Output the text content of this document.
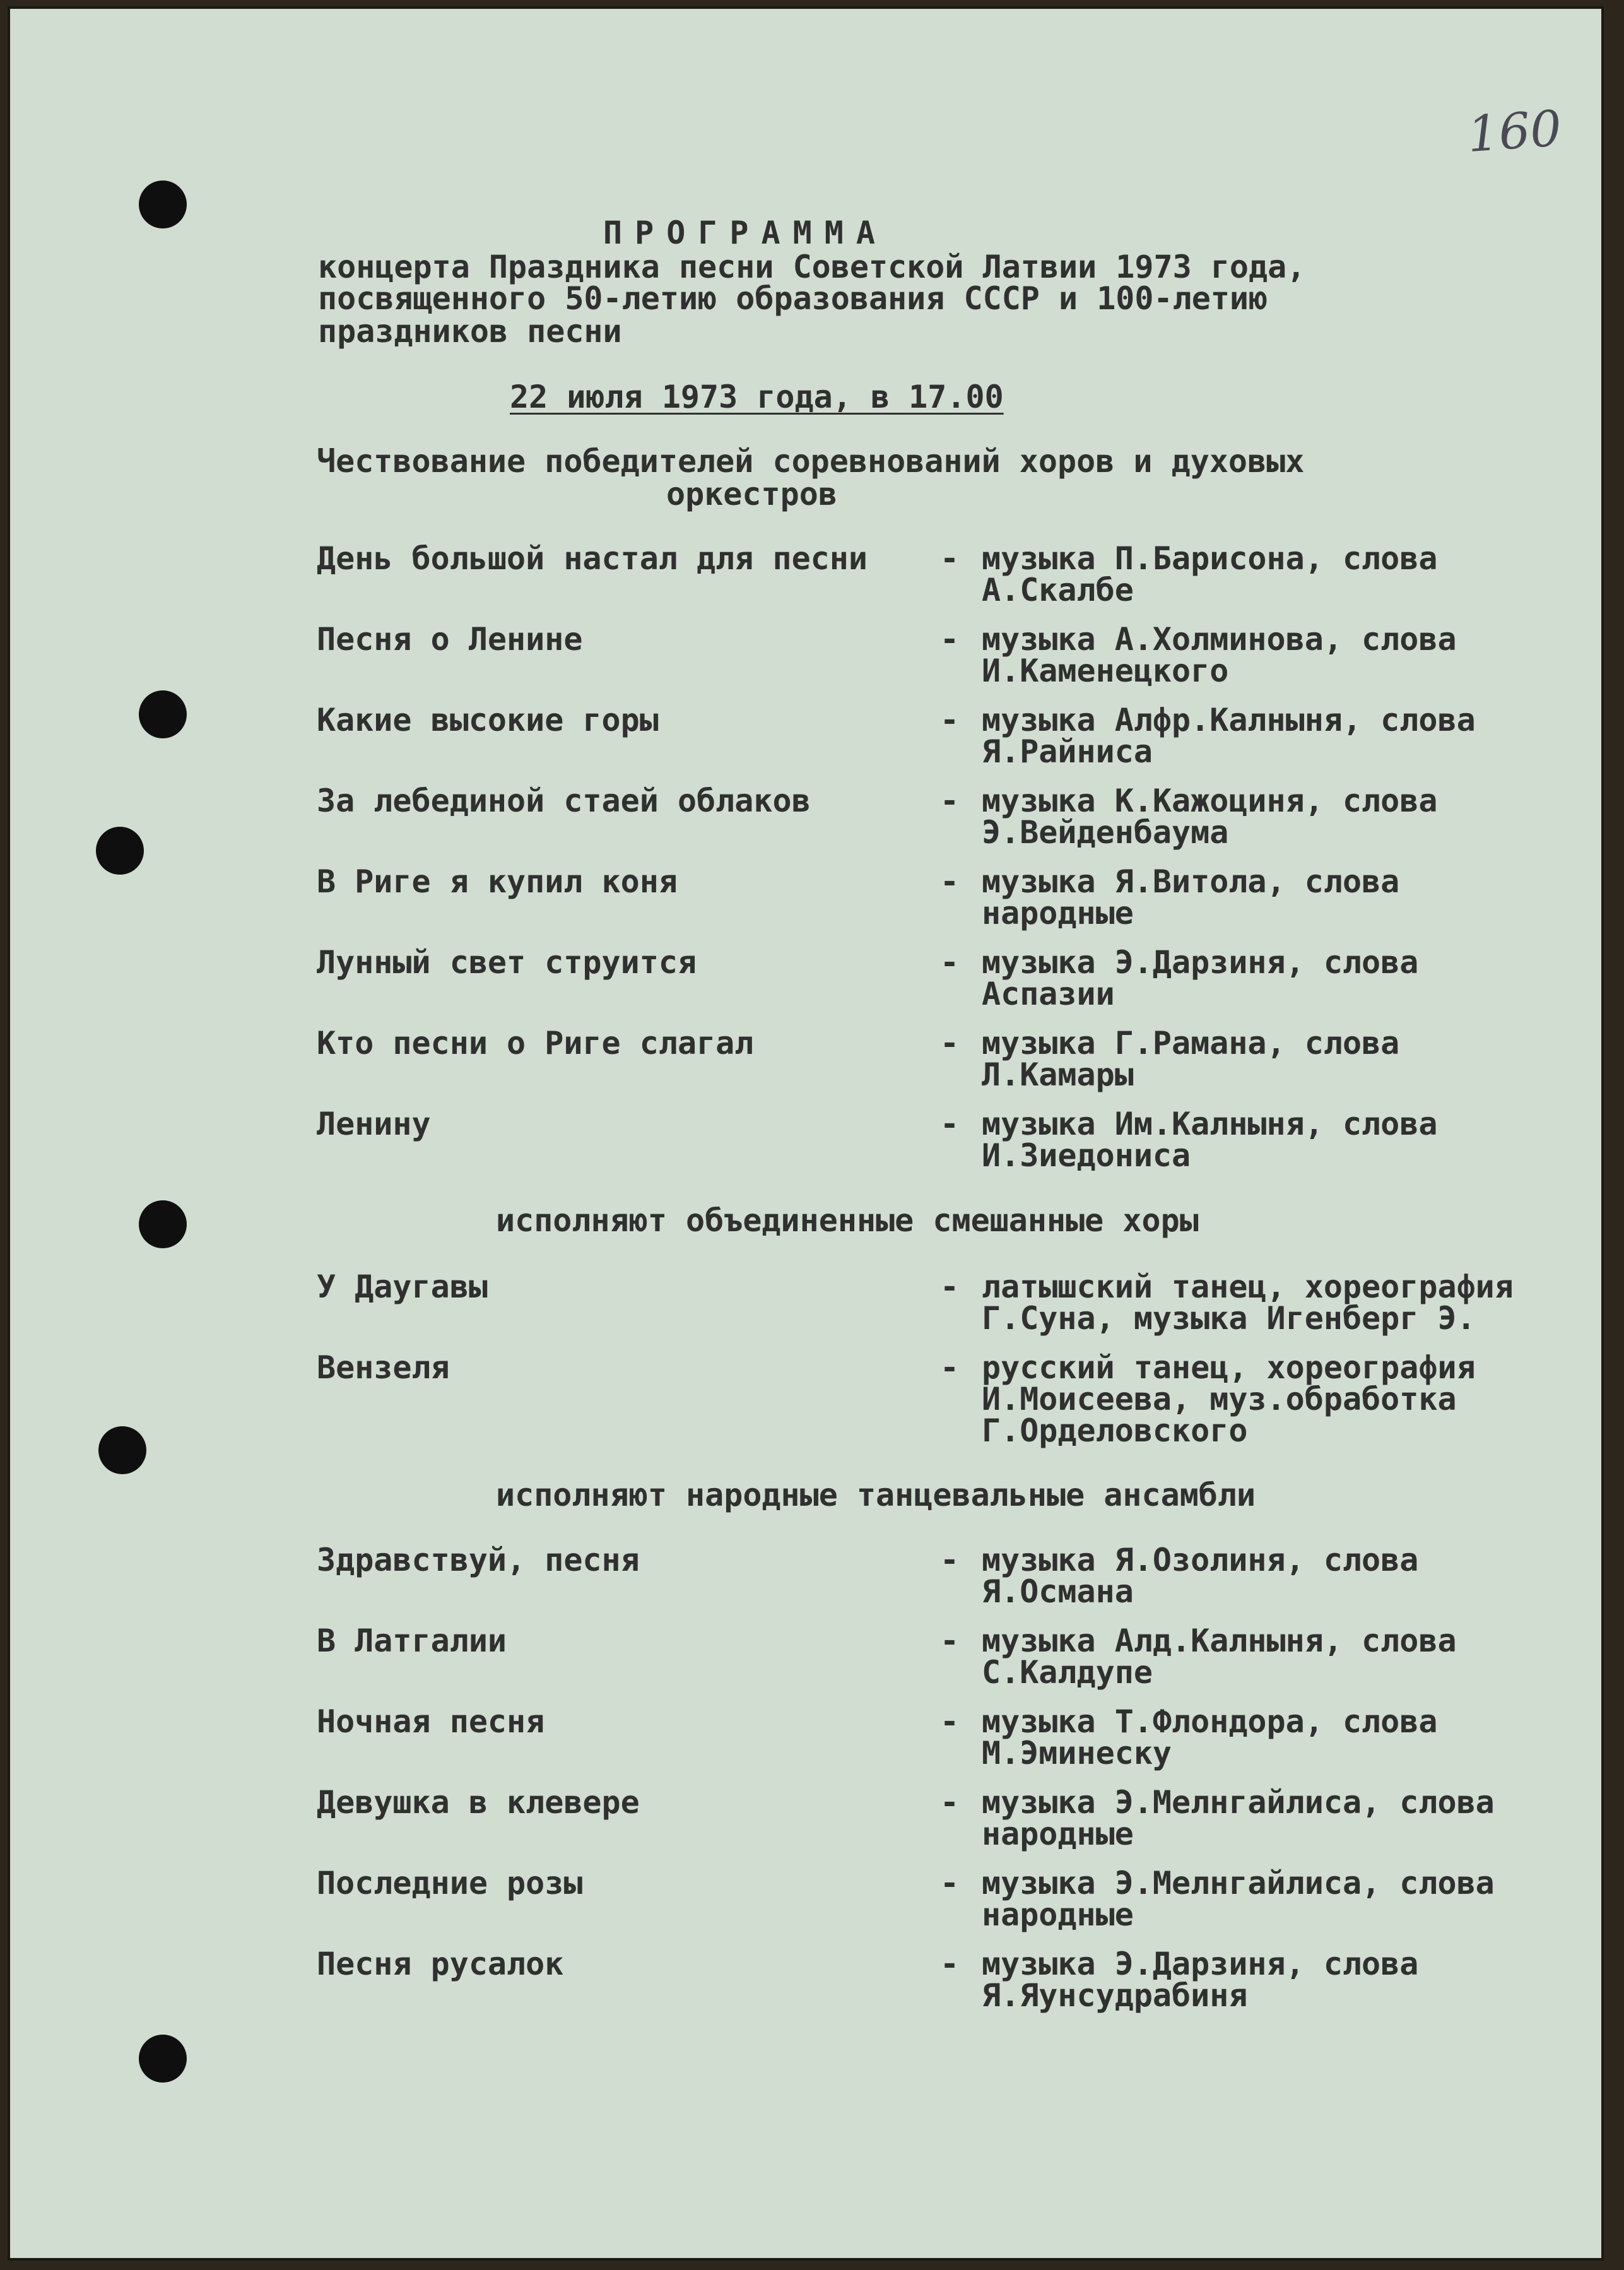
160

ПРОГРАММА

концерта Праздника песни Советской Латвии 1973 года,
посвященного 50-летию образования СССР и 100-летию
праздников песни
22 июля 1973 года, в 17.00
Чествование победителей соревнований хоров и духовых
оркестров
День большой настал для песни - музыка П.Барисона, слова
А.Скалбе
Песня о Ленине	- музыка А.Холминова, слова
И.Каменецкого
Какие высокие горы	- музыка Алфр.Калныня, слова
Я.Райниса
За лебединой стаей облаков	- музыка К.Кажоциня, слова
Э.Вейденбаума
В Риге я купил коня	- музыка Я.Витола, слова
народные
Лунный свет струится	- музыка Э.Дарзиня, слова
Аспазии
Кто песни о Риге слагал	- музыка Г.Рамана, слова
Л.Камары
Ленину	- музыка Им.Калныня, слова
И.Зиедониса
исполняют объединенные смешанные хоры
У Даугавы	- латышский танец, хореография
Г.Суна, музыка Игенберг Э.
Вензеля	- русский танец, хореография
И.Моисеева, муз.обработка
Г.Орделовского
исполняют народные танцевальные ансамбли
Здравствуй, песня	- музыка Я.Озолиня, слова
Я.Османа
В Латгалии	- музыка Алд.Калныня, слова
С.Калдупе
Ночная песня	- музыка Т.Флондора, слова
М.Эминеску
Девушка в клевере	- музыка Э.Мелнгайлиса, слова
народные
Последние розы	- музыка Э.Мелнгайлиса, слова
народные
Песня русалок	- музыка Э.Дарзиня, слова
Я.Яунсудрабиня
